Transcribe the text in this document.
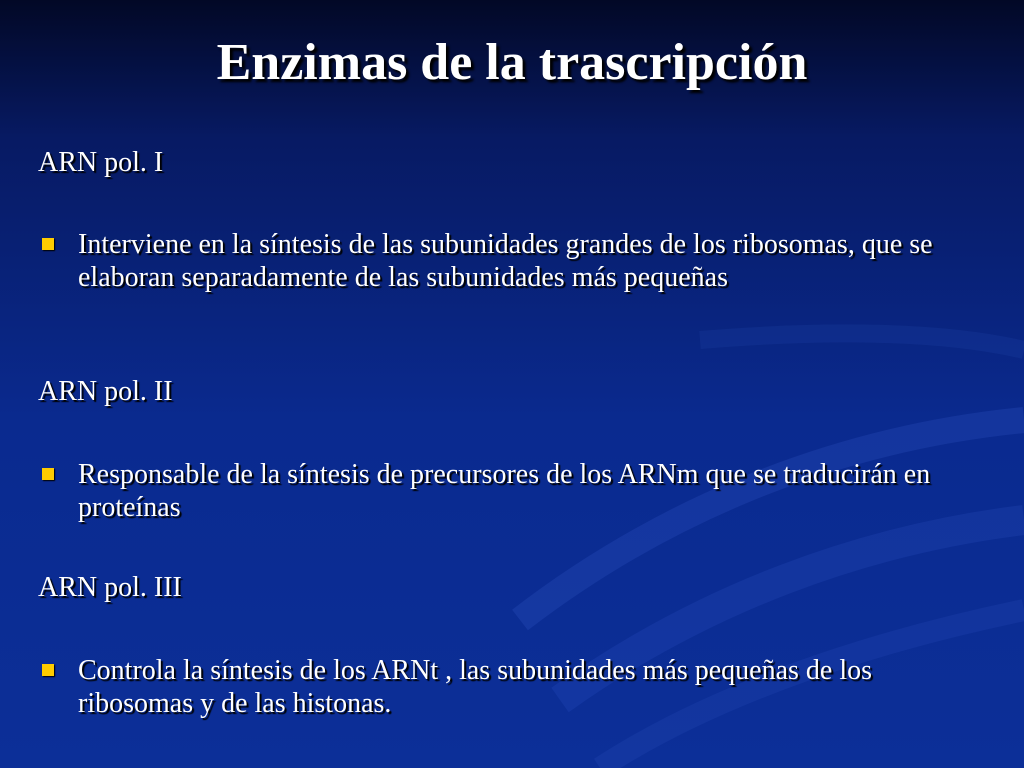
Enzimas de la trascripción
ARN pol. I
Interviene en la síntesis de las subunidades grandes de los ribosomas, que se elaboran separadamente de las subunidades más pequeñas
ARN pol. II
Responsable de la síntesis de precursores de los ARNm que se traducirán en proteínas
ARN pol. III
Controla la síntesis de los ARNt , las subunidades más pequeñas de los ribosomas y de las histonas.
